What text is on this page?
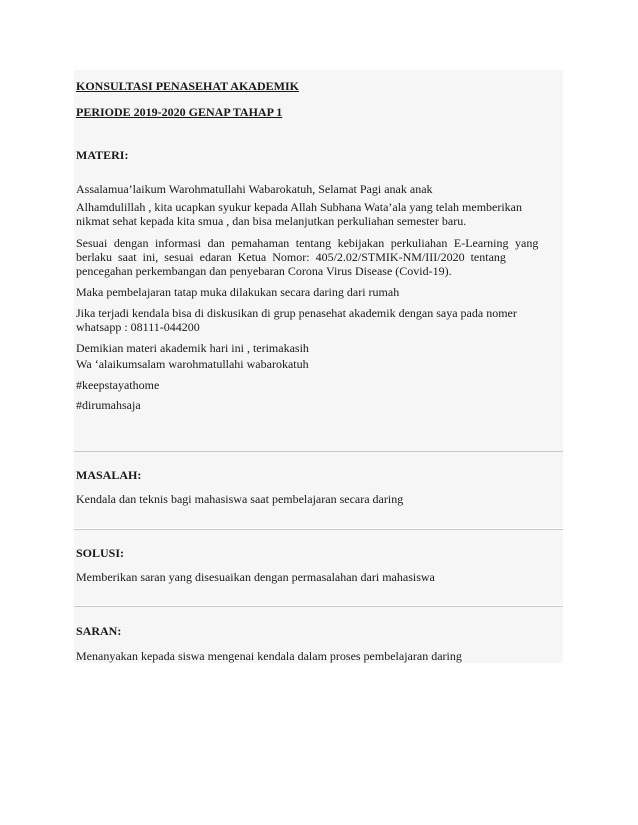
KONSULTASI PENASEHAT AKADEMIK

PERIODE 2019-2020 GENAP TAHAP 1

MATERI:

Assalamua’laikum Warohmatullahi Wabarokatuh, Selamat Pagi anak anak

Alhamdulillah , kita ucapkan syukur kepada Allah Subhana Wata’ala yang telah memberikan

nikmat sehat kepada kita smua , dan bisa melanjutkan perkuliahan semester baru.

Sesuai dengan informasi dan pemahaman tentang kebijakan perkuliahan E-Learning yang

berlaku saat ini, sesuai edaran Ketua Nomor: 405/2.02/STMIK-NM/III/2020 tentang

pencegahan perkembangan dan penyebaran Corona Virus Disease (Covid-19).

Maka pembelajaran tatap muka dilakukan secara daring dari rumah

Jika terjadi kendala bisa di diskusikan di grup penasehat akademik dengan saya pada nomer

whatsapp : 08111-044200

Demikian materi akademik hari ini , terimakasih

Wa ‘alaikumsalam warohmatullahi wabarokatuh

#keepstayathome

#dirumahsaja

MASALAH:

Kendala dan teknis bagi mahasiswa saat pembelajaran secara daring

SOLUSI:

Memberikan saran yang disesuaikan dengan permasalahan dari mahasiswa

SARAN:

Menanyakan kepada siswa mengenai kendala dalam proses pembelajaran daring
